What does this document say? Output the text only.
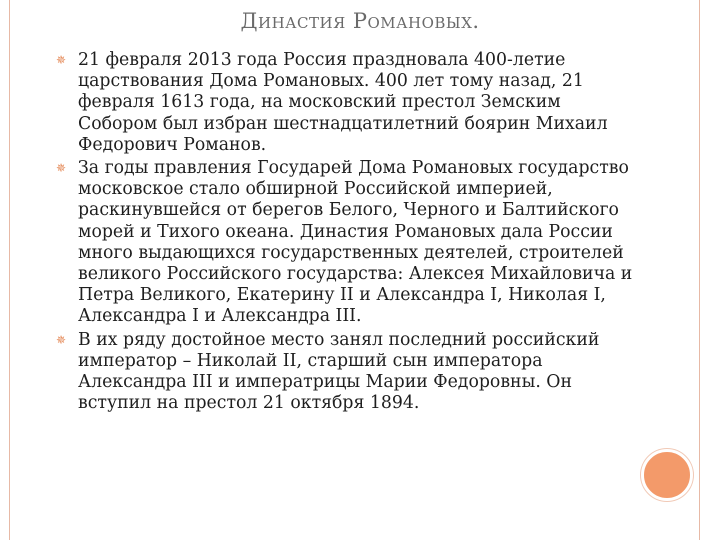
Династия Романовых.
✵ 21 февраля 2013 года Россия праздновала 400-летие царствования Дома Романовых. 400 лет тому назад, 21 февраля 1613 года, на московский престол Земским Собором был избран шестнадцатилетний боярин Михаил Федорович Романов.
✵ За годы правления Государей Дома Романовых государство московское стало обширной Российской империей, раскинувшейся от берегов Белого, Черного и Балтийского морей и Тихого океана. Династия Романовых дала России много выдающихся государственных деятелей, строителей великого Российского государства: Алексея Михайловича и Петра Великого, Екатерину II и Александра I, Николая I, Александра I и Александра III.
✵ В их ряду достойное место занял последний российский император – Николай II, старший сын императора Александра III и императрицы Марии Федоровны. Он вступил на престол 21 октября 1894.
